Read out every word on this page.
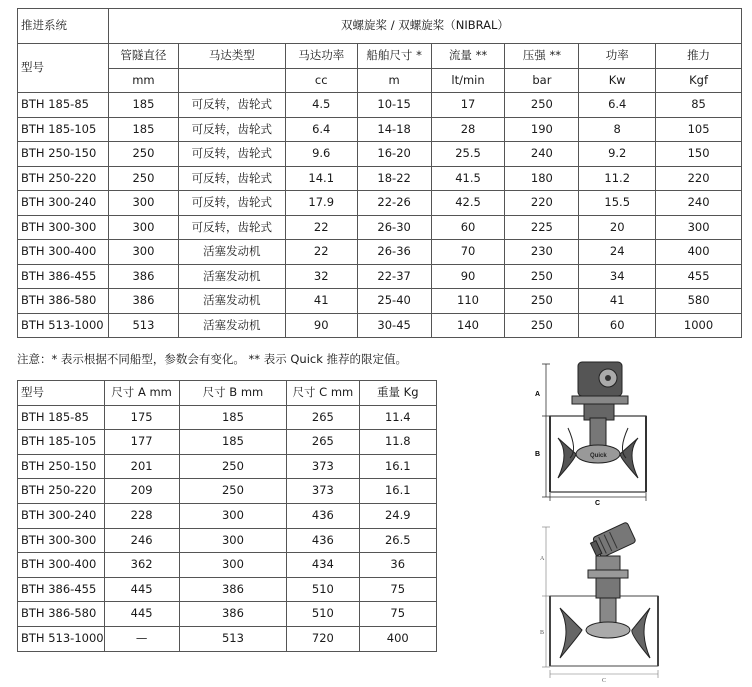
推进系统	双螺旋桨 / 双螺旋桨（NIBRAL）							
型号	管隧直径	马达类型	马达功率	船舶尺寸 *	流量 **	压强 **	功率	推力
	mm		cc	m	lt/min	bar	Kw	Kgf
BTH 185-85	185	可反转，齿轮式	4.5	10-15	17	250	6.4	85
BTH 185-105	185	可反转，齿轮式	6.4	14-18	28	190	8	105
BTH 250-150	250	可反转，齿轮式	9.6	16-20	25.5	240	9.2	150
BTH 250-220	250	可反转，齿轮式	14.1	18-22	41.5	180	11.2	220
BTH 300-240	300	可反转，齿轮式	17.9	22-26	42.5	220	15.5	240
BTH 300-300	300	可反转，齿轮式	22	26-30	60	225	20	300
BTH 300-400	300	活塞发动机	22	26-36	70	230	24	400
BTH 386-455	386	活塞发动机	32	22-37	90	250	34	455
BTH 386-580	386	活塞发动机	41	25-40	110	250	41	580
BTH 513-1000	513	活塞发动机	90	30-45	140	250	60	1000
注意：* 表示根据不同船型，参数会有变化。 ** 表示 Quick 推荐的限定值。
型号	尺寸 A mm	尺寸 B mm	尺寸 C mm	重量 Kg
BTH 185-85	175	185	265	11.4
BTH 185-105	177	185	265	11.8
BTH 250-150	201	250	373	16.1
BTH 250-220	209	250	373	16.1
BTH 300-240	228	300	436	24.9
BTH 300-300	246	300	436	26.5
BTH 300-400	362	300	434	36
BTH 386-455	445	386	510	75
BTH 386-580	445	386	510	75
BTH 513-1000	—	513	720	400
A
B	Quick
C
A
B
C
